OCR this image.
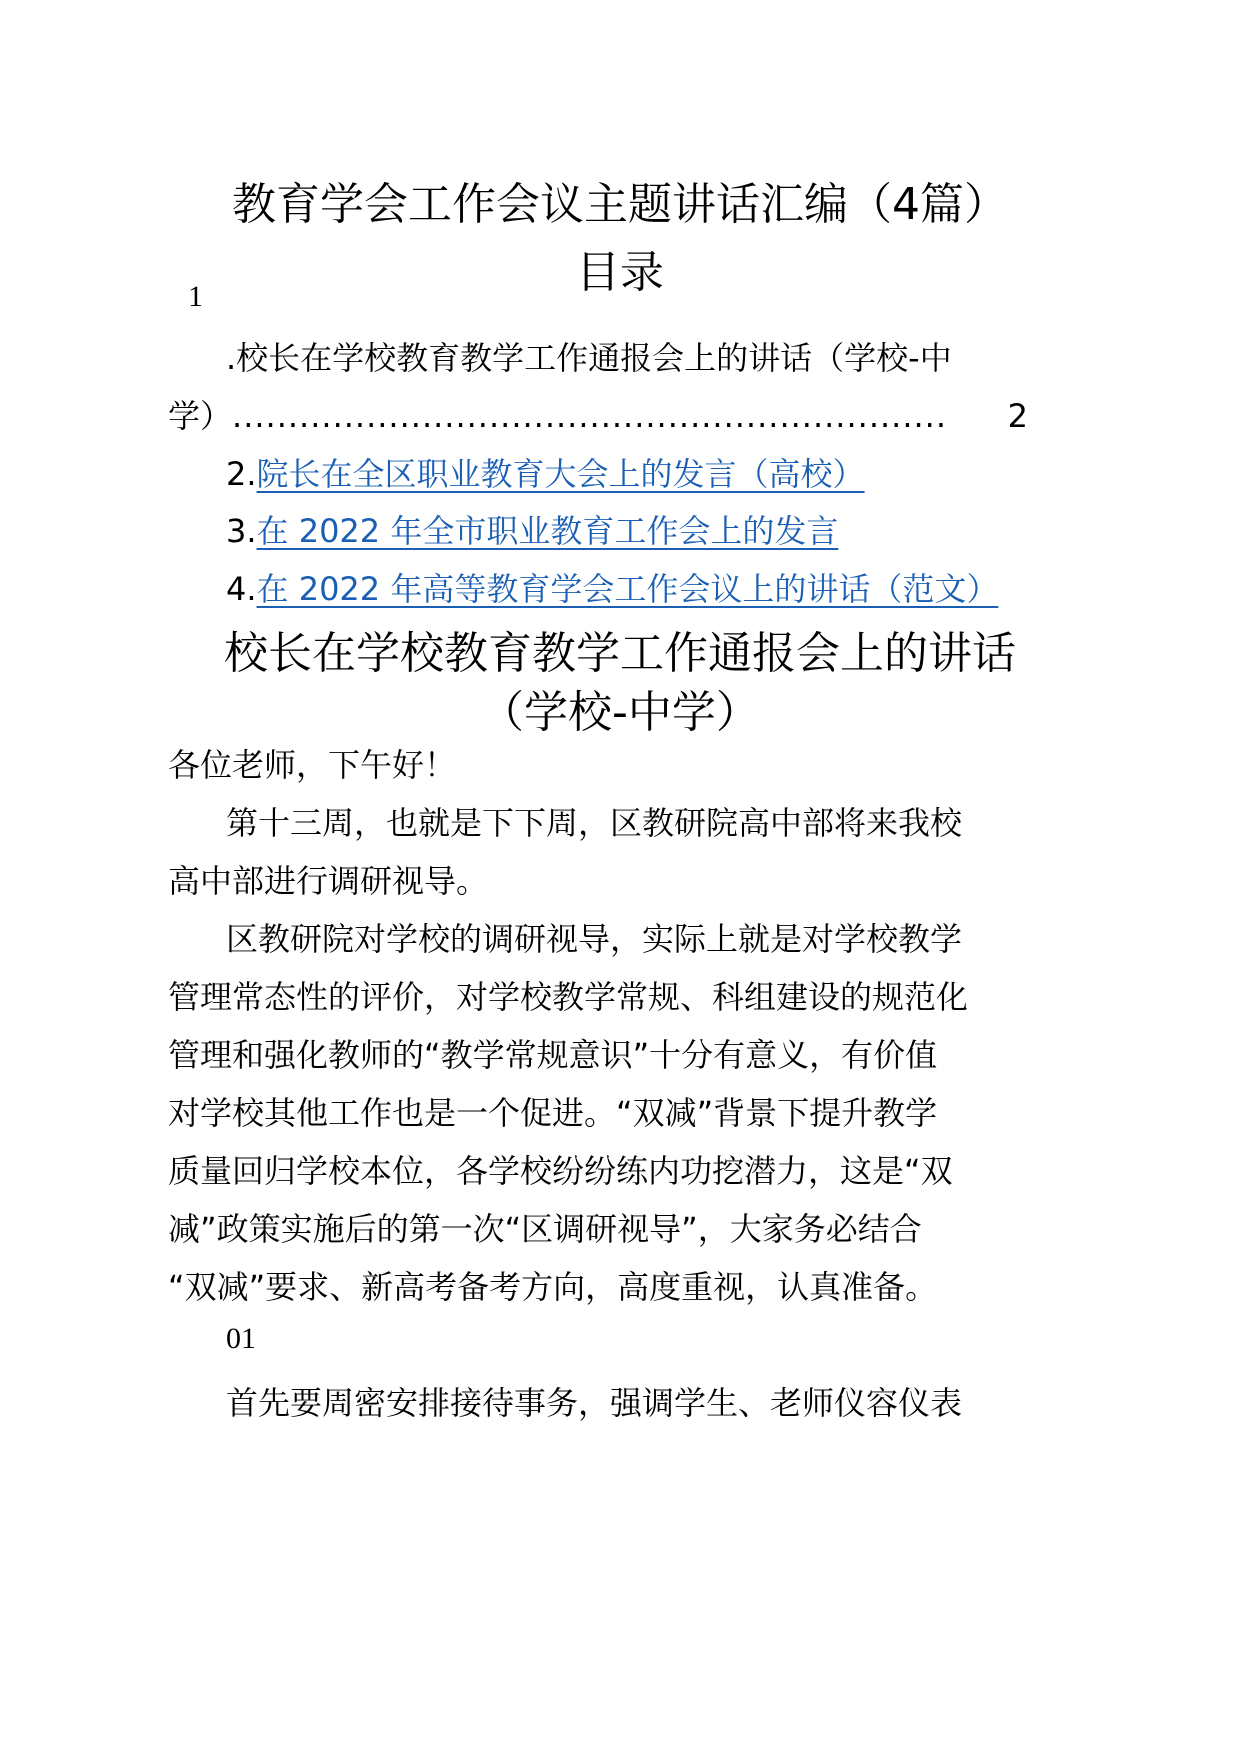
教育学会工作会议主题讲话汇编（4篇）
目录
1
.校长在学校教育教学工作通报会上的讲话（学校-中
学） ................................................................	2
2.院长在全区职业教育大会上的发言（高校）
3.在 2022 年全市职业教育工作会上的发言
4.在 2022 年高等教育学会工作会议上的讲话（范文）
校长在学校教育教学工作通报会上的讲话
（学校-中学）
各位老师，下午好！
第十三周，也就是下下周，区教研院高中部将来我校
高中部进行调研视导。
区教研院对学校的调研视导，实际上就是对学校教学
管理常态性的评价，对学校教学常规、科组建设的规范化
管理和强化教师的“教学常规意识”十分有意义，有价值
对学校其他工作也是一个促进。“双减”背景下提升教学
质量回归学校本位，各学校纷纷练内功挖潜力，这是“双
减”政策实施后的第一次“区调研视导”，大家务必结合
“双减”要求、新高考备考方向，高度重视，认真准备。
01
首先要周密安排接待事务，强调学生、老师仪容仪表
